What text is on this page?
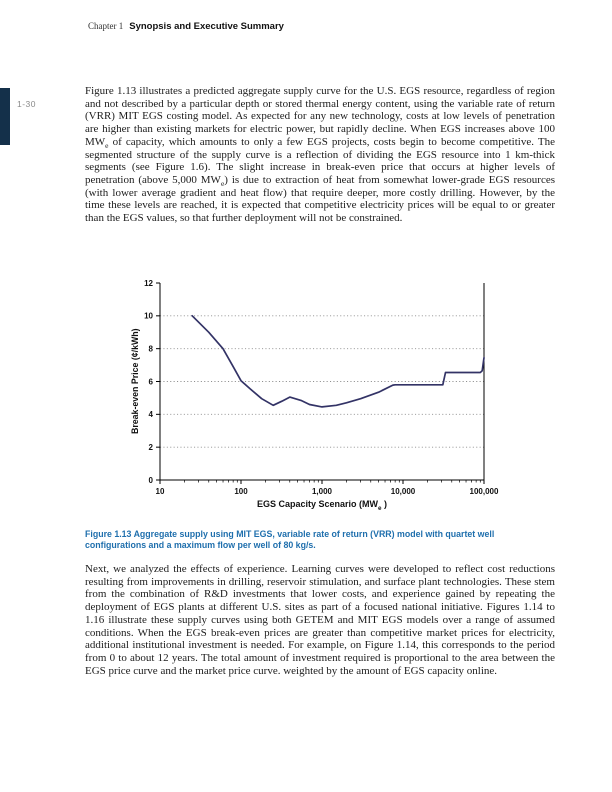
Chapter 1 Synopsis and Executive Summary
1-30

Figure 1.13 illustrates a predicted aggregate supply curve for the U.S. EGS resource, regardless of region and not described by a particular depth or stored thermal energy content, using the variable rate of return (VRR) MIT EGS costing model. As expected for any new technology, costs at low levels of penetration are higher than existing markets for electric power, but rapidly decline. When EGS increases above 100 $MW_e$ of capacity, which amounts to only a few EGS projects, costs begin to become competitive. The segmented structure of the supply curve is a reflection of dividing the EGS resource into 1 km-thick segments (see Figure 1.6). The slight increase in break-even price that occurs at higher levels of penetration (above 5,000 $MW_e$) is due to extraction of heat from somewhat lower-grade EGS resources (with lower average gradient and heat flow) that require deeper, more costly drilling. However, by the time these levels are reached, it is expected that competitive electricity prices will be equal to or greater than the EGS values, so that further deployment will not be constrained.

0
2
4
6
8
10
12
10	100	1,000	10,000	100,000
Break-even Price (¢/kWh)
EGS Capacity Scenario ($MW_e$ )

Figure 1.13 Aggregate supply using MIT EGS, variable rate of return (VRR) model with quartet well configurations and a maximum flow per well of 80 kg/s.

Next, we analyzed the effects of experience. Learning curves were developed to reflect cost reductions resulting from improvements in drilling, reservoir stimulation, and surface plant technologies. These stem from the combination of R&D investments that lower costs, and experience gained by repeating the deployment of EGS plants at different U.S. sites as part of a focused national initiative. Figures 1.14 to 1.16 illustrate these supply curves using both GETEM and MIT EGS models over a range of assumed conditions. When the EGS break-even prices are greater than competitive market prices for electricity, additional institutional investment is needed. For example, on Figure 1.14, this corresponds to the period from 0 to about 12 years. The total amount of investment required is proportional to the area between the EGS price curve and the market price curve. weighted by the amount of EGS capacity online.
